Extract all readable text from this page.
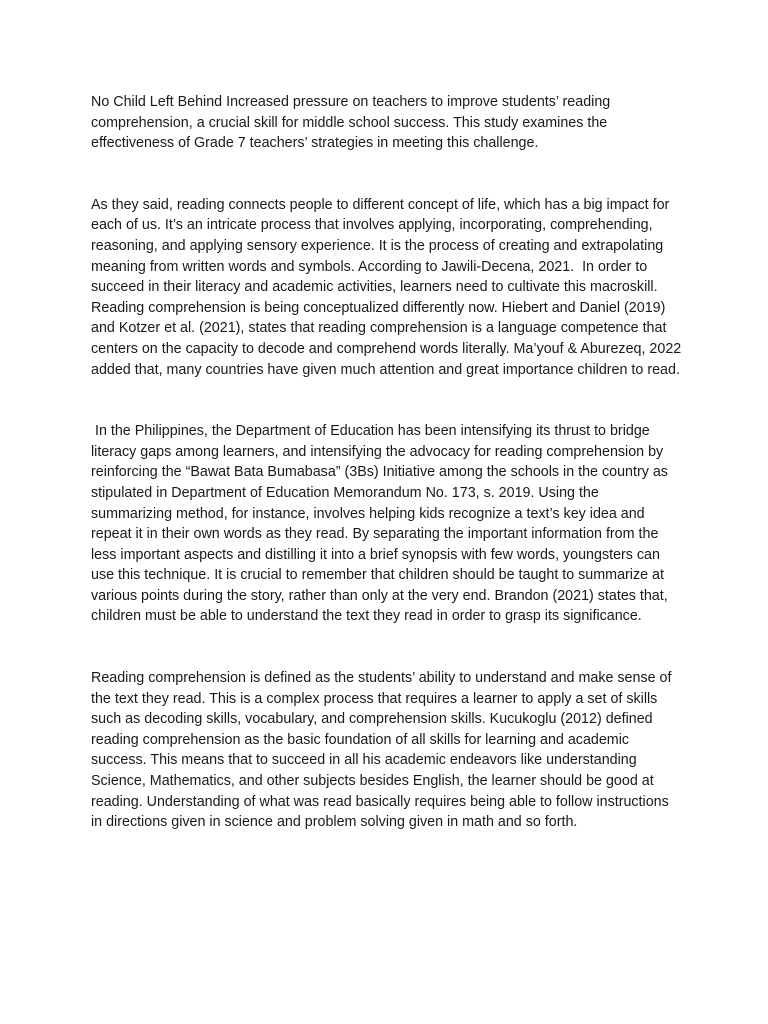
No Child Left Behind Increased pressure on teachers to improve students’ reading comprehension, a crucial skill for middle school success. This study examines the effectiveness of Grade 7 teachers’ strategies in meeting this challenge.

As they said, reading connects people to different concept of life, which has a big impact for each of us. It’s an intricate process that involves applying, incorporating, comprehending, reasoning, and applying sensory experience. It is the process of creating and extrapolating meaning from written words and symbols. According to Jawili-Decena, 2021.  In order to succeed in their literacy and academic activities, learners need to cultivate this macroskill. Reading comprehension is being conceptualized differently now. Hiebert and Daniel (2019) and Kotzer et al. (2021), states that reading comprehension is a language competence that centers on the capacity to decode and comprehend words literally. Ma’youf & Aburezeq, 2022 added that, many countries have given much attention and great importance children to read.

In the Philippines, the Department of Education has been intensifying its thrust to bridge literacy gaps among learners, and intensifying the advocacy for reading comprehension by reinforcing the “Bawat Bata Bumabasa” (3Bs) Initiative among the schools in the country as stipulated in Department of Education Memorandum No. 173, s. 2019. Using the summarizing method, for instance, involves helping kids recognize a text’s key idea and repeat it in their own words as they read. By separating the important information from the less important aspects and distilling it into a brief synopsis with few words, youngsters can use this technique. It is crucial to remember that children should be taught to summarize at various points during the story, rather than only at the very end. Brandon (2021) states that, children must be able to understand the text they read in order to grasp its significance.

Reading comprehension is defined as the students’ ability to understand and make sense of the text they read. This is a complex process that requires a learner to apply a set of skills such as decoding skills, vocabulary, and comprehension skills. Kucukoglu (2012) defined reading comprehension as the basic foundation of all skills for learning and academic success. This means that to succeed in all his academic endeavors like understanding Science, Mathematics, and other subjects besides English, the learner should be good at reading. Understanding of what was read basically requires being able to follow instructions in directions given in science and problem solving given in math and so forth.
